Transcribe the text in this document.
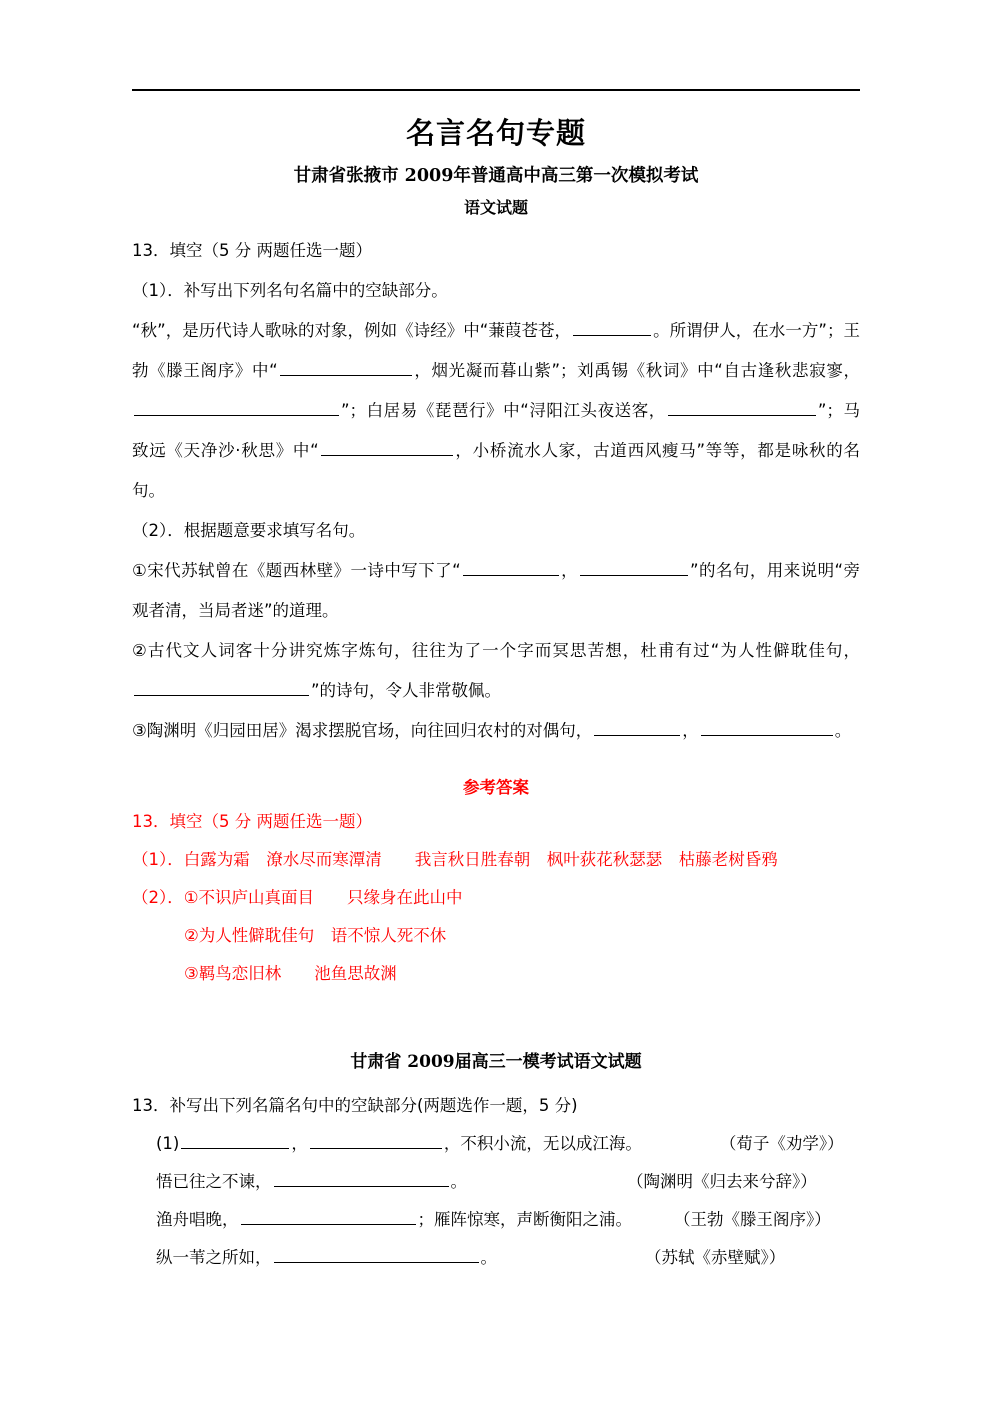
名言名句专题
甘肃省张掖市 2009年普通高中高三第一次模拟考试
语文试题

13．填空（5 分 两题任选一题）

（1）．补写出下列名句名篇中的空缺部分。

“秋”，是历代诗人歌咏的对象，例如《诗经》中“蒹葭苍苍，	。所谓伊人，在水一方”；王勃《滕王阁序》中“	，烟光凝而暮山紫”；刘禹锡《秋词》中“自古逢秋悲寂寥，”；白居易《琵琶行》中“浔阳江头夜送客，	”；马致远《天净沙·秋思》中“	，小桥流水人家，古道西风瘦马”等等，都是咏秋的名句。

（2）．根据题意要求填写名句。

①宋代苏轼曾在《题西林壁》一诗中写下了“	，	”的名句，用来说明“旁观者清，当局者迷”的道理。

②古代文人词客十分讲究炼字炼句，往往为了一个字而冥思苦想，杜甫有过“为人性僻耽佳句，”的诗句，令人非常敬佩。

③陶渊明《归园田居》渴求摆脱官场，向往回归农村的对偶句，	，	。

参考答案

13．填空（5 分 两题任选一题）

（1）．白露为霜　潦水尽而寒潭清　　我言秋日胜春朝　枫叶荻花秋瑟瑟　枯藤老树昏鸦

（2）．①不识庐山真面目　　只缘身在此山中

②为人性僻耽佳句　语不惊人死不休

③羁鸟恋旧林　　池鱼思故渊

甘肃省 2009届高三一模考试语文试题

13．补写出下列名篇名句中的空缺部分(两题选作一题，5 分)

(1)	，	，不积小流，无以成江海。	（荀子《劝学》）

悟已往之不谏，	。	（陶渊明《归去来兮辞》）

渔舟唱晚，	；雁阵惊寒，声断衡阳之浦。	（王勃《滕王阁序》）

纵一苇之所如，	。	（苏轼《赤壁赋》）
